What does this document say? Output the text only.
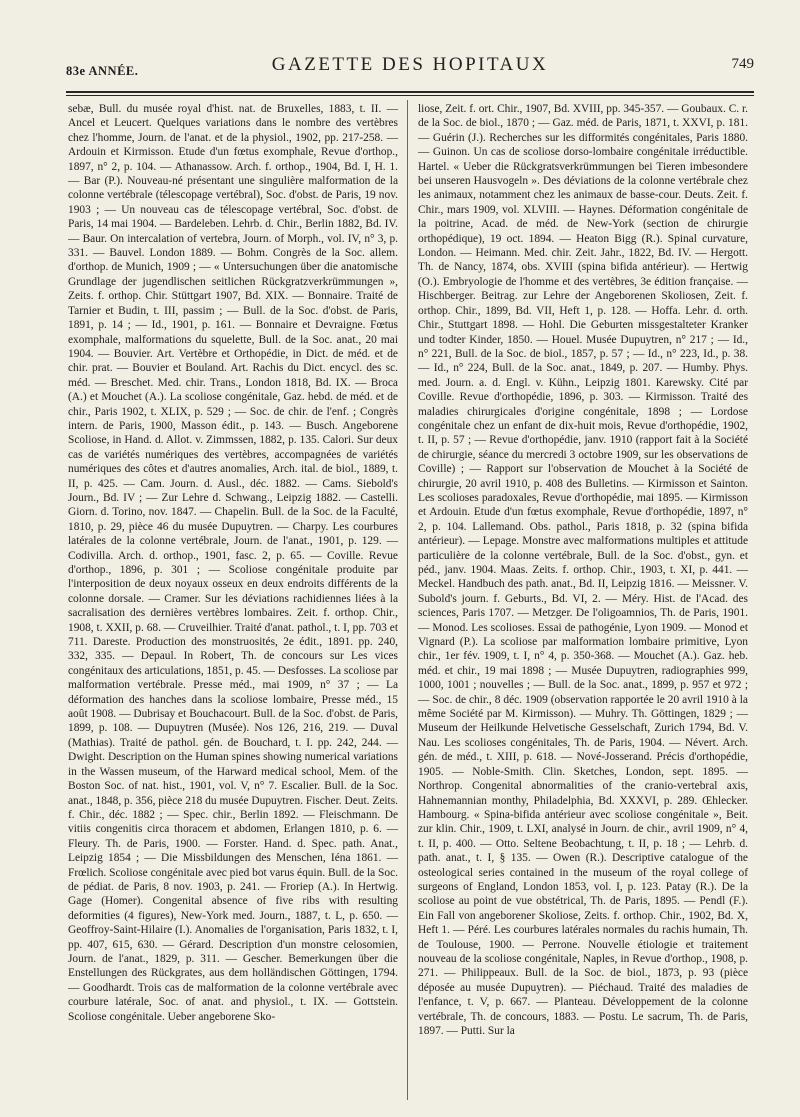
83e ANNÉE.	GAZETTE DES HOPITAUX	749

sebæ, Bull. du musée royal d'hist. nat. de Bruxelles, 1883, t. II. — Ancel et Leucert. Quelques variations dans le nombre des vertèbres chez l'homme, Journ. de l'anat. et de la physiol., 1902, pp. 217-258. — Ardouin et Kirmisson. Etude d'un fœtus exomphale, Revue d'orthop., 1897, n° 2, p. 104. — Athanassow. Arch. f. orthop., 1904, Bd. I, H. 1. — Bar (P.). Nouveau-né présentant une singulière malformation de la colonne vertébrale (télescopage vertébral), Soc. d'obst. de Paris, 19 nov. 1903 ; — Un nouveau cas de télescopage vertébral, Soc. d'obst. de Paris, 14 mai 1904. — Bardeleben. Lehrb. d. Chir., Berlin 1882, Bd. IV. — Baur. On intercalation of vertebra, Journ. of Morph., vol. IV, n° 3, p. 331. — Bauvel. London 1889. — Bohm. Congrès de la Soc. allem. d'orthop. de Munich, 1909 ; — « Untersuchungen über die anatomische Grundlage der jugendlischen seitlichen Rückgratzverkrümmungen », Zeits. f. orthop. Chir. Stüttgart 1907, Bd. XIX. — Bonnaire. Traité de Tarnier et Budin, t. III, passim ; — Bull. de la Soc. d'obst. de Paris, 1891, p. 14 ; — Id., 1901, p. 161. — Bonnaire et Devraigne. Fœtus exomphale, malformations du squelette, Bull. de la Soc. anat., 20 mai 1904. — Bouvier. Art. Vertèbre et Orthopédie, in Dict. de méd. et de chir. prat. — Bouvier et Bouland. Art. Rachis du Dict. encycl. des sc. méd. — Breschet. Med. chir. Trans., London 1818, Bd. IX. — Broca (A.) et Mouchet (A.). La scoliose congénitale, Gaz. hebd. de méd. et de chir., Paris 1902, t. XLIX, p. 529 ; — Soc. de chir. de l'enf. ; Congrès intern. de Paris, 1900, Masson édit., p. 143. — Busch. Angeborene Scoliose, in Hand. d. Allot. v. Zimmssen, 1882, p. 135. Calori. Sur deux cas de variétés numériques des vertèbres, accompagnées de variétés numériques des côtes et d'autres anomalies, Arch. ital. de biol., 1889, t. II, p. 425. — Cam. Journ. d. Ausl., déc. 1882. — Cams. Siebold's Journ., Bd. IV ; — Zur Lehre d. Schwang., Leipzig 1882. — Castelli. Giorn. d. Torino, nov. 1847. — Chapelin. Bull. de la Soc. de la Faculté, 1810, p. 29, pièce 46 du musée Dupuytren. — Charpy. Les courbures latérales de la colonne vertébrale, Journ. de l'anat., 1901, p. 129. — Codivilla. Arch. d. orthop., 1901, fasc. 2, p. 65. — Coville. Revue d'orthop., 1896, p. 301 ; — Scoliose congénitale produite par l'interposition de deux noyaux osseux en deux endroits différents de la colonne dorsale. — Cramer. Sur les déviations rachidiennes liées à la sacralisation des dernières vertèbres lombaires. Zeit. f. orthop. Chir., 1908, t. XXII, p. 68. — Cruveilhier. Traité d'anat. pathol., t. I, pp. 703 et 711. Dareste. Production des monstruosités, 2e édit., 1891. pp. 240, 332, 335. — Depaul. In Robert, Th. de concours sur Les vices congénitaux des articulations, 1851, p. 45. — Desfosses. La scoliose par malformation vertébrale. Presse méd., mai 1909, n° 37 ; — La déformation des hanches dans la scoliose lombaire, Presse méd., 15 août 1908. — Dubrisay et Bouchacourt. Bull. de la Soc. d'obst. de Paris, 1899, p. 108. — Dupuytren (Musée). Nos 126, 216, 219. — Duval (Mathias). Traité de pathol. gén. de Bouchard, t. I. pp. 242, 244. — Dwight. Description on the Human spines showing numerical variations in the Wassen museum, of the Harward medical school, Mem. of the Boston Soc. of nat. hist., 1901, vol. V, n° 7. Escalier. Bull. de la Soc. anat., 1848, p. 356, pièce 218 du musée Dupuytren. Fischer. Deut. Zeits. f. Chir., déc. 1882 ; — Spec. chir., Berlin 1892. — Fleischmann. De vitiis congenitis circa thoracem et abdomen, Erlangen 1810, p. 6. — Fleury. Th. de Paris, 1900. — Forster. Hand. d. Spec. path. Anat., Leipzig 1854 ; — Die Missbildungen des Menschen, Iéna 1861. — Frœlich. Scoliose congénitale avec pied bot varus équin. Bull. de la Soc. de pédiat. de Paris, 8 nov. 1903, p. 241. — Froriep (A.). In Hertwig. Gage (Homer). Congenital absence of five ribs with resulting deformities (4 figures), New-York med. Journ., 1887, t. L, p. 650. — Geoffroy-Saint-Hilaire (I.). Anomalies de l'organisation, Paris 1832, t. I, pp. 407, 615, 630. — Gérard. Description d'un monstre celosomien, Journ. de l'anat., 1829, p. 311. — Gescher. Bemerkungen über die Enstellungen des Rückgrates, aus dem holländischen Göttingen, 1794. — Goodhardt. Trois cas de malformation de la colonne vertébrale avec courbure latérale, Soc. of anat. and physiol., t. IX. — Gottstein. Scoliose congénitale. Ueber angeborene Sko-

liose, Zeit. f. ort. Chir., 1907, Bd. XVIII, pp. 345-357. — Goubaux. C. r. de la Soc. de biol., 1870 ; — Gaz. méd. de Paris, 1871, t. XXVI, p. 181. — Guérin (J.). Recherches sur les difformités congénitales, Paris 1880. — Guinon. Un cas de scoliose dorso-lombaire congénitale irréductible. Hartel. « Ueber die Rückgratsverkrümmungen bei Tieren imbesondere bei unseren Hausvogeln ». Des déviations de la colonne vertébrale chez les animaux, notamment chez les animaux de basse-cour. Deuts. Zeit. f. Chir., mars 1909, vol. XLVIII. — Haynes. Déformation congénitale de la poitrine, Acad. de méd. de New-York (section de chirurgie orthopédique), 19 oct. 1894. — Heaton Bigg (R.). Spinal curvature, London. — Heimann. Med. chir. Zeit. Jahr., 1822, Bd. IV. — Hergott. Th. de Nancy, 1874, obs. XVIII (spina bifida antérieur). — Hertwig (O.). Embryologie de l'homme et des vertèbres, 3e édition française. — Hischberger. Beitrag. zur Lehre der Angeborenen Skoliosen, Zeit. f. orthop. Chir., 1899, Bd. VII, Heft 1, p. 128. — Hoffa. Lehr. d. orth. Chir., Stuttgart 1898. — Hohl. Die Geburten missgestalteter Kranker und todter Kinder, 1850. — Houel. Musée Dupuytren, n° 217 ; — Id., n° 221, Bull. de la Soc. de biol., 1857, p. 57 ; — Id., n° 223, Id., p. 38. — Id., n° 224, Bull. de la Soc. anat., 1849, p. 207. — Humby. Phys. med. Journ. a. d. Engl. v. Kühn., Leipzig 1801. Karewsky. Cité par Coville. Revue d'orthopédie, 1896, p. 303. — Kirmisson. Traité des maladies chirurgicales d'origine congénitale, 1898 ; — Lordose congénitale chez un enfant de dix-huit mois, Revue d'orthopédie, 1902, t. II, p. 57 ; — Revue d'orthopédie, janv. 1910 (rapport fait à la Société de chirurgie, séance du mercredi 3 octobre 1909, sur les observations de Coville) ; — Rapport sur l'observation de Mouchet à la Société de chirurgie, 20 avril 1910, p. 408 des Bulletins. — Kirmisson et Sainton. Les scolioses paradoxales, Revue d'orthopédie, mai 1895. — Kirmisson et Ardouin. Etude d'un fœtus exomphale, Revue d'orthopédie, 1897, n° 2, p. 104. Lallemand. Obs. pathol., Paris 1818, p. 32 (spina bifida antérieur). — Lepage. Monstre avec malformations multiples et attitude particulière de la colonne vertébrale, Bull. de la Soc. d'obst., gyn. et péd., janv. 1904. Maas. Zeits. f. orthop. Chir., 1903, t. XI, p. 441. — Meckel. Handbuch des path. anat., Bd. II, Leipzig 1816. — Meissner. V. Subold's journ. f. Geburts., Bd. VI, 2. — Méry. Hist. de l'Acad. des sciences, Paris 1707. — Metzger. De l'oligoamnios, Th. de Paris, 1901. — Monod. Les scolioses. Essai de pathogénie, Lyon 1909. — Monod et Vignard (P.). La scoliose par malformation lombaire primitive, Lyon chir., 1er fév. 1909, t. I, n° 4, p. 350-368. — Mouchet (A.). Gaz. heb. méd. et chir., 19 mai 1898 ; — Musée Dupuytren, radiographies 999, 1000, 1001 ; nouvelles ; — Bull. de la Soc. anat., 1899, p. 957 et 972 ; — Soc. de chir., 8 déc. 1909 (observation rapportée le 20 avril 1910 à la même Société par M. Kirmisson). — Muhry. Th. Göttingen, 1829 ; — Museum der Heilkunde Helvetische Gesselschaft, Zurich 1794, Bd. V. Nau. Les scolioses congénitales, Th. de Paris, 1904. — Névert. Arch. gén. de méd., t. XIII, p. 618. — Nové-Josserand. Précis d'orthopédie, 1905. — Noble-Smith. Clin. Sketches, London, sept. 1895. — Northrop. Congenital abnormalities of the cranio-vertebral axis, Hahnemannian monthy, Philadelphia, Bd. XXXVI, p. 289. Œhlecker. Hambourg. « Spina-bifida antérieur avec scoliose congénitale », Beit. zur klin. Chir., 1909, t. LXI, analysé in Journ. de chir., avril 1909, n° 4, t. II, p. 400. — Otto. Seltene Beobachtung, t. II, p. 18 ; — Lehrb. d. path. anat., t. I, § 135. — Owen (R.). Descriptive catalogue of the osteological series contained in the museum of the royal college of surgeons of England, London 1853, vol. I, p. 123. Patay (R.). De la scoliose au point de vue obstétrical, Th. de Paris, 1895. — Pendl (F.). Ein Fall von angeborener Skoliose, Zeits. f. orthop. Chir., 1902, Bd. X, Heft 1. — Péré. Les courbures latérales normales du rachis humain, Th. de Toulouse, 1900. — Perrone. Nouvelle étiologie et traitement nouveau de la scoliose congénitale, Naples, in Revue d'orthop., 1908, p. 271. — Philippeaux. Bull. de la Soc. de biol., 1873, p. 93 (pièce déposée au musée Dupuytren). — Piéchaud. Traité des maladies de l'enfance, t. V, p. 667. — Planteau. Développement de la colonne vertébrale, Th. de concours, 1883. — Postu. Le sacrum, Th. de Paris, 1897. — Putti. Sur la
